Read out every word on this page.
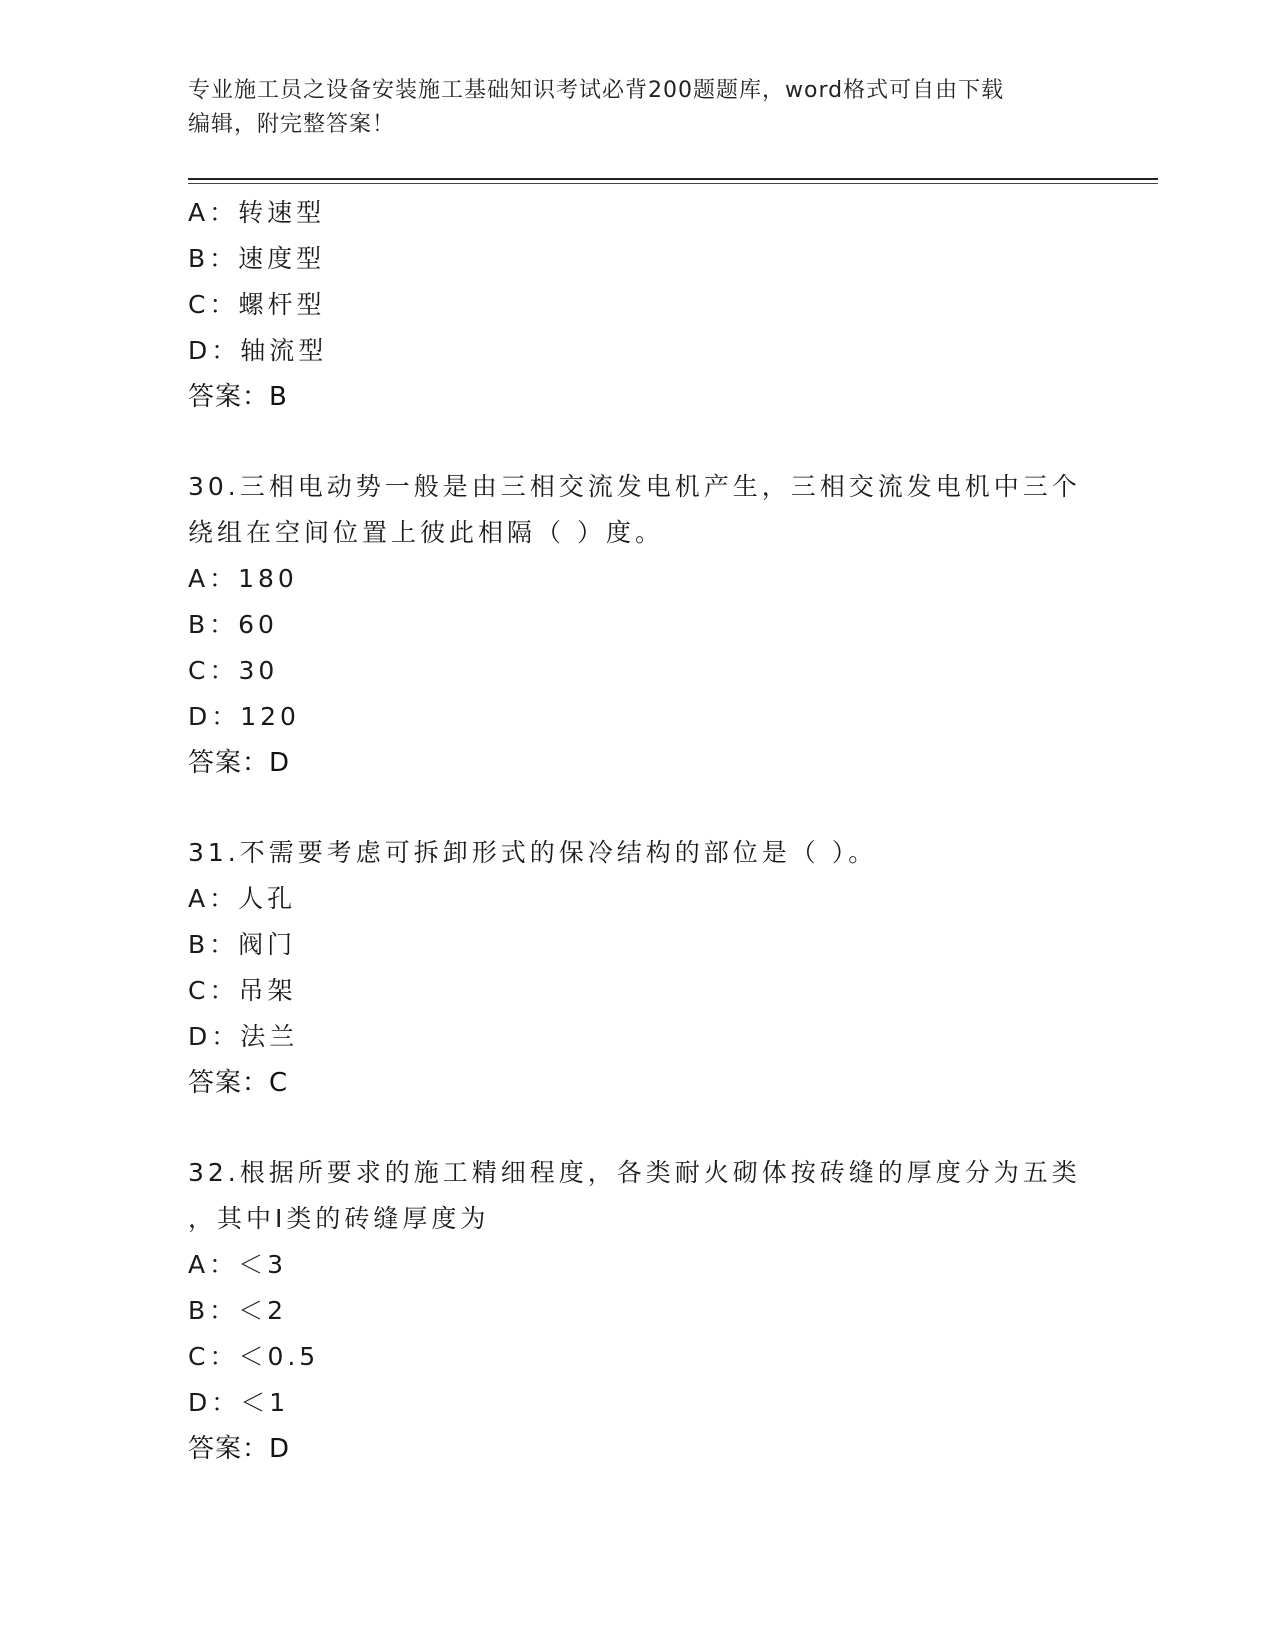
专业施工员之设备安装施工基础知识考试必背200题题库，word格式可自由下载
编辑，附完整答案！
A：转速型
B：速度型
C：螺杆型
D：轴流型
答案：B
30.三相电动势一般是由三相交流发电机产生，三相交流发电机中三个
绕组在空间位置上彼此相隔（ ）度。
A：180
B：60
C：30
D：120
答案：D
31.不需要考虑可拆卸形式的保冷结构的部位是（ ）。
A：人孔
B：阀门
C：吊架
D：法兰
答案：C
32.根据所要求的施工精细程度，各类耐火砌体按砖缝的厚度分为五类
，其中Ⅰ类的砖缝厚度为
A：＜3
B：＜2
C：＜0.5
D：＜1
答案：D
